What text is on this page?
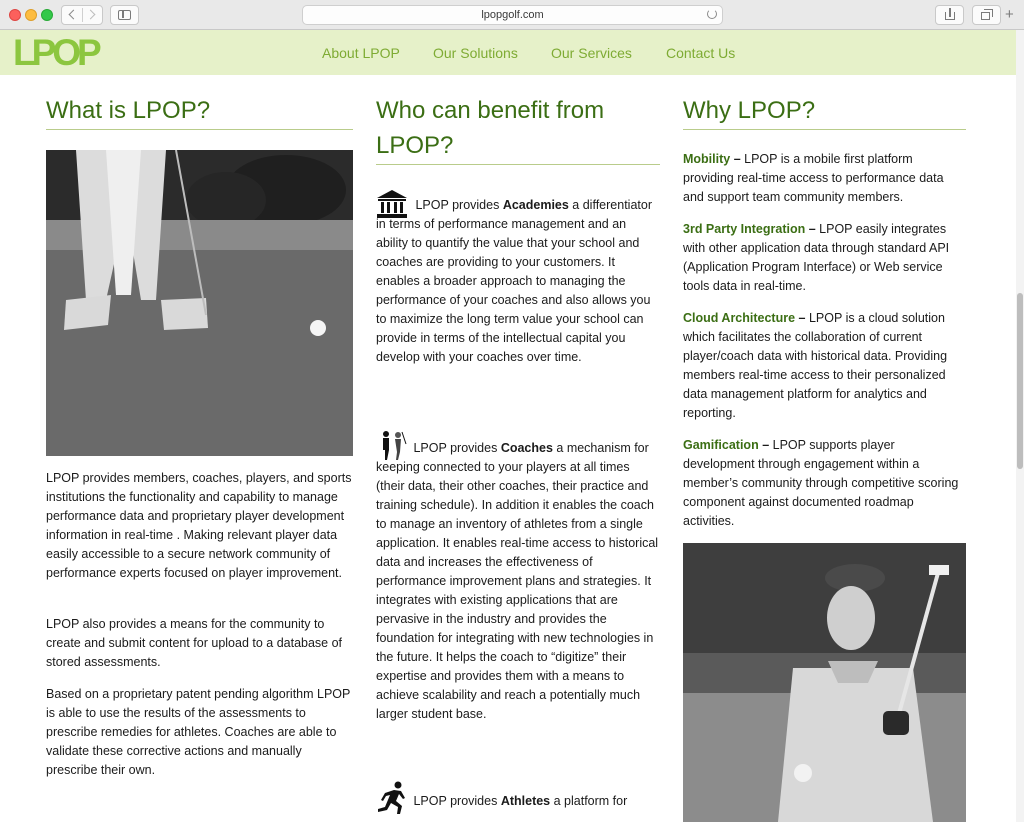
lpopgolf.com	+
LPOP	About LPOP Our Solutions Our Services Contact Us
What is LPOP?

LPOP provides members, coaches, players, and sports institutions the functionality and capability to manage performance data and proprietary player development information in real-time . Making relevant player data easily accessible to a secure network community of performance experts focused on player improvement.

LPOP also provides a means for the community to create and submit content for upload to a database of stored assessments.

Based on a proprietary patent pending algorithm LPOP is able to use the results of the assessments to prescribe remedies for athletes. Coaches are able to validate these corrective actions and manually prescribe their own.

Who can benefit from LPOP?

LPOP provides Academies a differentiator in terms of performance management and an ability to quantify the value that your school and coaches are providing to your customers. It enables a broader approach to managing the performance of your coaches and also allows you to maximize the long term value your school can provide in terms of the intellectual capital you develop with your coaches over time.

LPOP provides Coaches a mechanism for keeping connected to your players at all times (their data, their other coaches, their practice and training schedule). In addition it enables the coach to manage an inventory of athletes from a single application. It enables real-time access to historical data and increases the effectiveness of performance improvement plans and strategies. It integrates with existing applications that are pervasive in the industry and provides the foundation for integrating with new technologies in the future. It helps the coach to “digitize” their expertise and provides them with a means to achieve scalability and reach a potentially much larger student base.

LPOP provides Athletes a platform for

Why LPOP?

Mobility – LPOP is a mobile first platform providing real-time access to performance data and support team community members.

3rd Party Integration – LPOP easily integrates with other application data through standard API (Application Program Interface) or Web service tools data in real-time.

Cloud Architecture – LPOP is a cloud solution which facilitates the collaboration of current player/coach data with historical data. Providing members real-time access to their personalized data management platform for analytics and reporting.

Gamification – LPOP supports player development through engagement within a member’s community through competitive scoring component against documented roadmap activities.
